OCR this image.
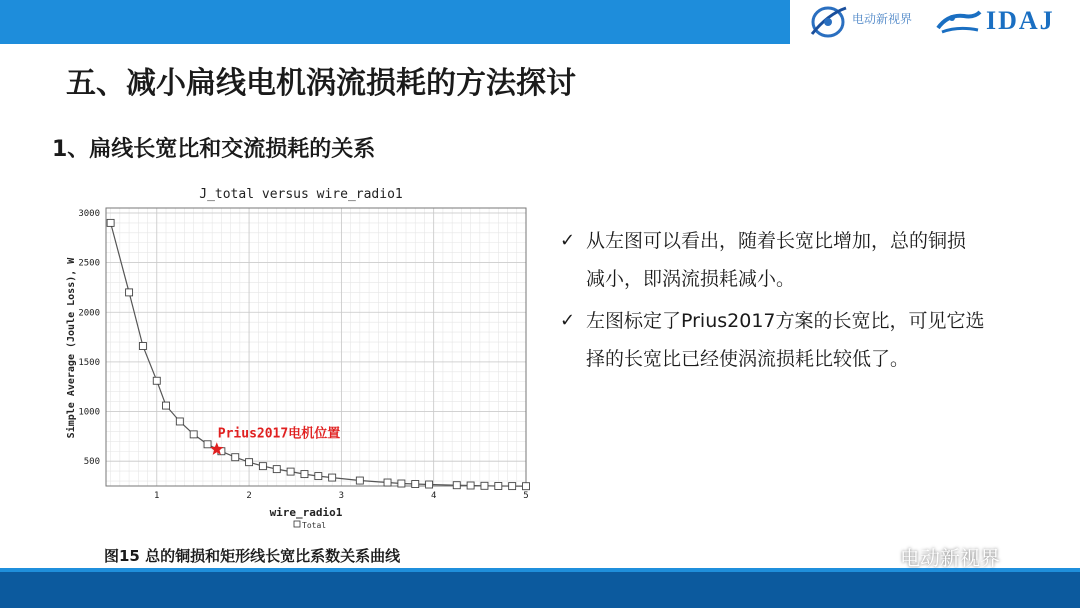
电动新视界	IDAJ
五、减小扁线电机涡流损耗的方法探讨
1、扁线长宽比和交流损耗的关系
J_total versus wire_radio1
1	2	3	4	5
500
1000
1500
2000
2500
3000
wire_radio1
Simple Average (Joule Loss), W
Total
Prius2017电机位置
图15 总的铜损和矩形线长宽比系数关系曲线
✓ 从左图可以看出，随着长宽比增加，总的铜损
减小，即涡流损耗减小。
✓ 左图标定了Prius2017方案的长宽比，可见它选
择的长宽比已经使涡流损耗比较低了。
电动新视界
